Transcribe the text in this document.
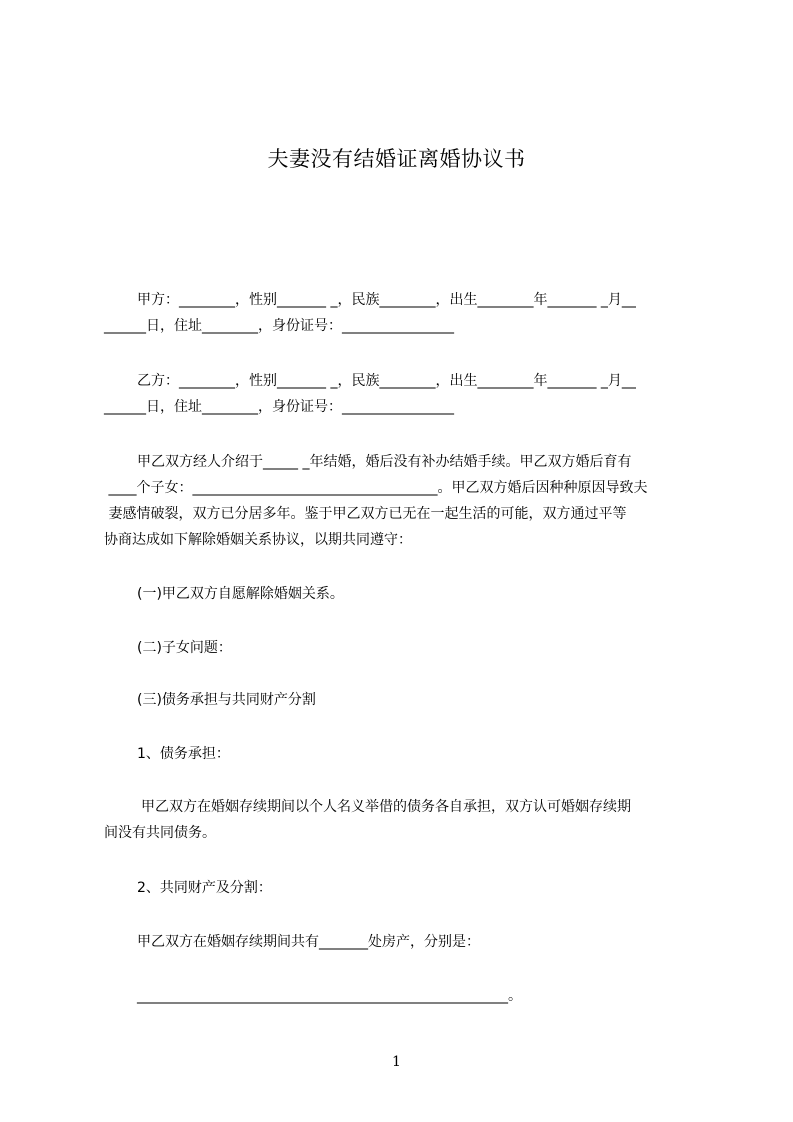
夫妻没有结婚证离婚协议书
甲方：________，性别_______ _，民族________，出生________年_______ _月__
______日，住址________，身份证号：________________
乙方：________，性别_______ _，民族________，出生________年_______ _月__
______日，住址________，身份证号：________________
甲乙双方经人介绍于_____ _年结婚，婚后没有补办结婚手续。甲乙双方婚后育有
____个子女：___________________________________。甲乙双方婚后因种种原因导致夫
妻感情破裂，双方已分居多年。鉴于甲乙双方已无在一起生活的可能，双方通过平等
协商达成如下解除婚姻关系协议，以期共同遵守：
(一)甲乙双方自愿解除婚姻关系。
(二)子女问题：
(三)债务承担与共同财产分割
1、债务承担：
甲乙双方在婚姻存续期间以个人名义举借的债务各自承担，双方认可婚姻存续期
间没有共同债务。
2、共同财产及分割：
甲乙双方在婚姻存续期间共有_______处房产，分别是：
_____________________________________________________。
1
